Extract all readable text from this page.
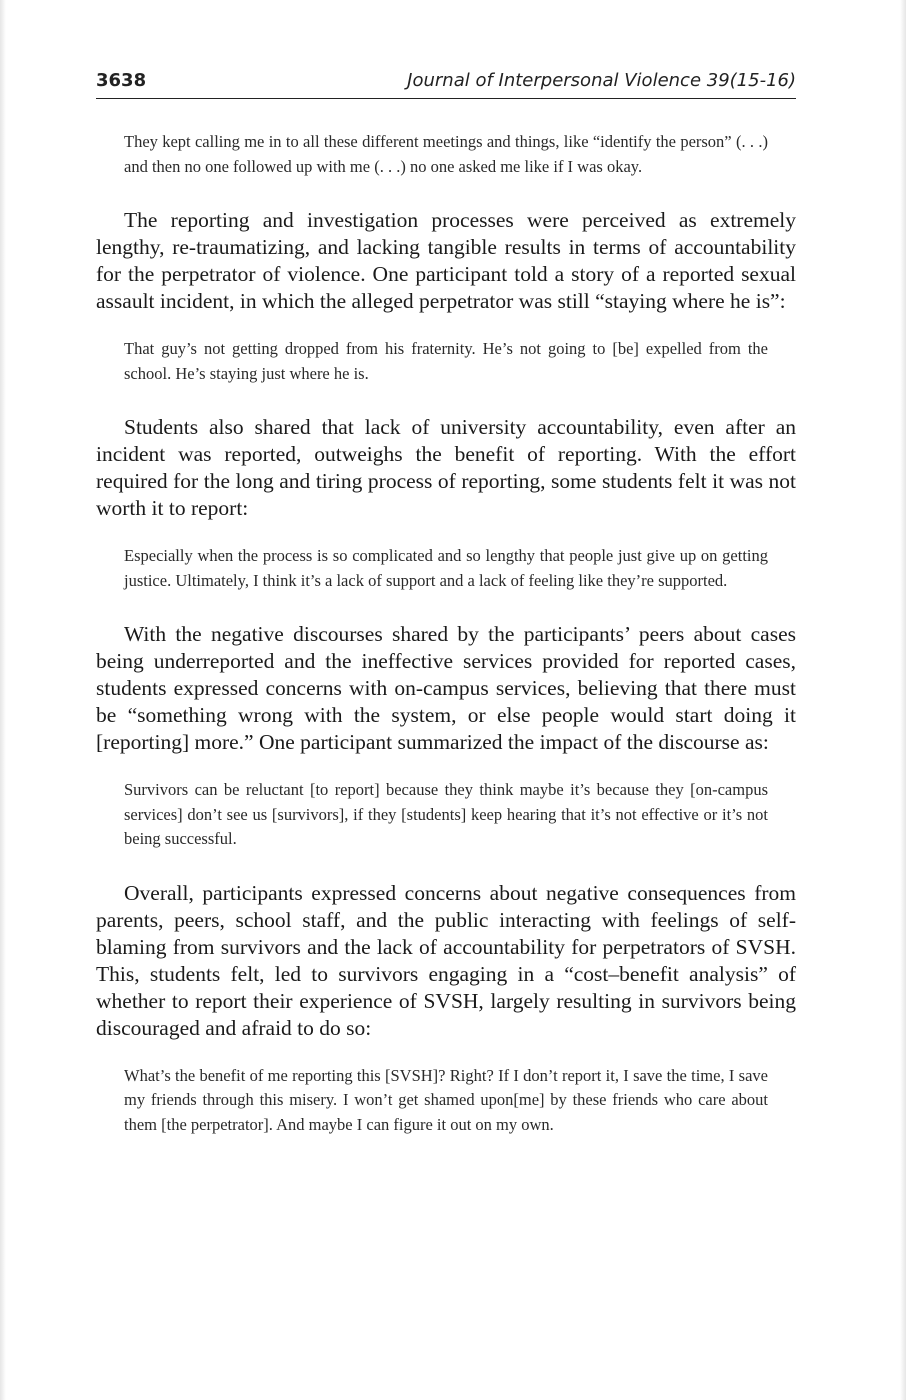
3638	Journal of Interpersonal Violence 39(15-16)

They kept calling me in to all these different meetings and things, like “identify the person” (. . .) and then no one followed up with me (. . .) no one asked me like if I was okay.

The reporting and investigation processes were perceived as extremely lengthy, re-traumatizing, and lacking tangible results in terms of accountability for the perpetrator of violence. One participant told a story of a reported sexual assault incident, in which the alleged perpetrator was still “staying where he is”:

That guy’s not getting dropped from his fraternity. He’s not going to [be] expelled from the school. He’s staying just where he is.

Students also shared that lack of university accountability, even after an incident was reported, outweighs the benefit of reporting. With the effort required for the long and tiring process of reporting, some students felt it was not worth it to report:

Especially when the process is so complicated and so lengthy that people just give up on getting justice. Ultimately, I think it’s a lack of support and a lack of feeling like they’re supported.

With the negative discourses shared by the participants’ peers about cases being underreported and the ineffective services provided for reported cases, students expressed concerns with on-campus services, believing that there must be “something wrong with the system, or else people would start doing it [reporting] more.” One participant summarized the impact of the discourse as:

Survivors can be reluctant [to report] because they think maybe it’s because they [on-campus services] don’t see us [survivors], if they [students] keep hearing that it’s not effective or it’s not being successful.

Overall, participants expressed concerns about negative consequences from parents, peers, school staff, and the public interacting with feelings of self-blaming from survivors and the lack of accountability for perpetrators of SVSH. This, students felt, led to survivors engaging in a “cost–benefit analysis” of whether to report their experience of SVSH, largely resulting in survivors being discouraged and afraid to do so:

What’s the benefit of me reporting this [SVSH]? Right? If I don’t report it, I save the time, I save my friends through this misery. I won’t get shamed upon[me] by these friends who care about them [the perpetrator]. And maybe I can figure it out on my own.
